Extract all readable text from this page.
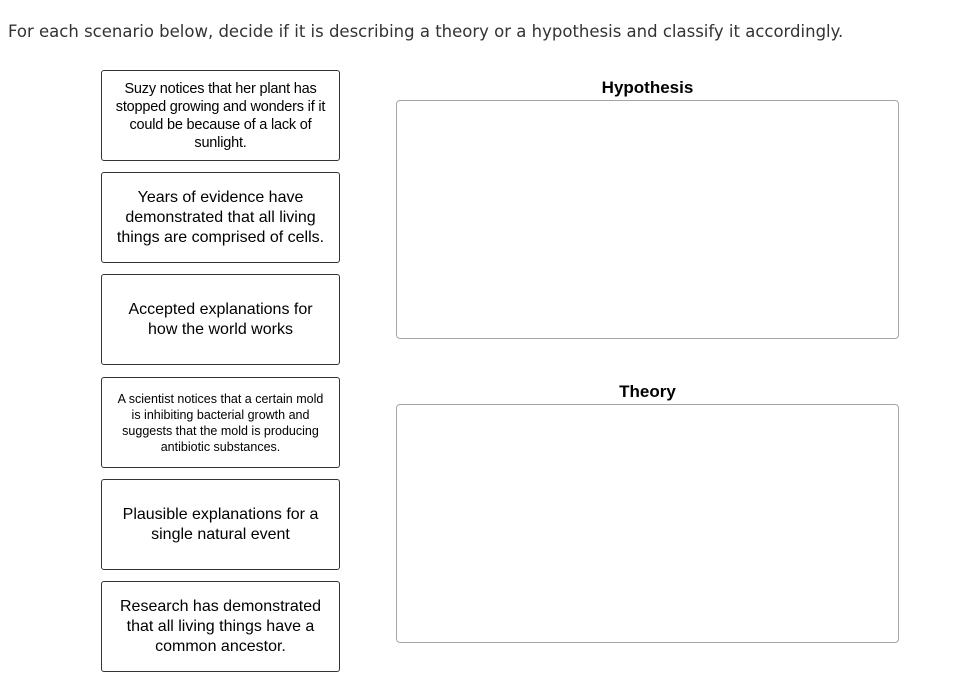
For each scenario below, decide if it is describing a theory or a hypothesis and classify it accordingly.
Suzy notices that her plant has stopped growing and wonders if it could be because of a lack of sunlight.
Years of evidence have demonstrated that all living things are comprised of cells.
Accepted explanations for how the world works
A scientist notices that a certain mold is inhibiting bacterial growth and suggests that the mold is producing antibiotic substances.
Plausible explanations for a single natural event
Research has demonstrated that all living things have a common ancestor.
Hypothesis
Theory
